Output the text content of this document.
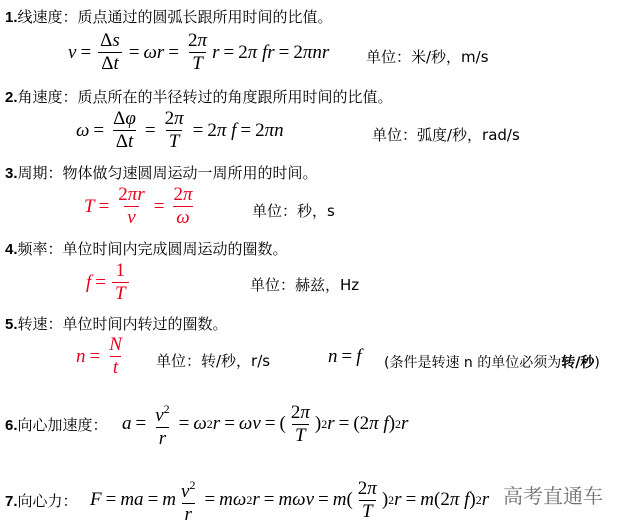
1.线速度：质点通过的圆弧长跟所用时间的比值。
$v = \frac{\Delta s}{\Delta t} = \omega r = \frac{2\pi}{T}$ r = 2 π fr = 2 πnr 单位：米/秒，m/s
2.角速度：质点所在的半径转过的角度跟所用时间的比值。
$\omega = \frac{\Delta\varphi}{\Delta t} = \frac{2\pi}{T} = 2$ π f = 2 πn	单位：弧度/秒，rad/s
3.周期：物体做匀速圆周运动一周所用的时间。
$T = \frac{2\pi r}{v} = \frac{2\pi}{\omega}$	单位：秒，s
4.频率：单位时间内完成圆周运动的圈数。
$f = \frac{1}{T}$	单位：赫兹，Hz
5.转速：单位时间内转过的圈数。
$n = \frac{N}{t}$ 单位：转/秒，r/s	n = f (条件是转速 n 的单位必须为转/秒)
6.向心加速度： $a = \frac{v^2}{r} = \omega$ 2 r = ωv = ( $\frac{2\pi}{T}$ ) 2 r = (2 π f ) 2 r
7.向心力： F = ma = m $\frac{v^2}{r} = m\omega$ 2 r = mωv = m ( $\frac{2\pi}{T}$ ) 2 r = m (2 π f ) 2 r 高考直通车
